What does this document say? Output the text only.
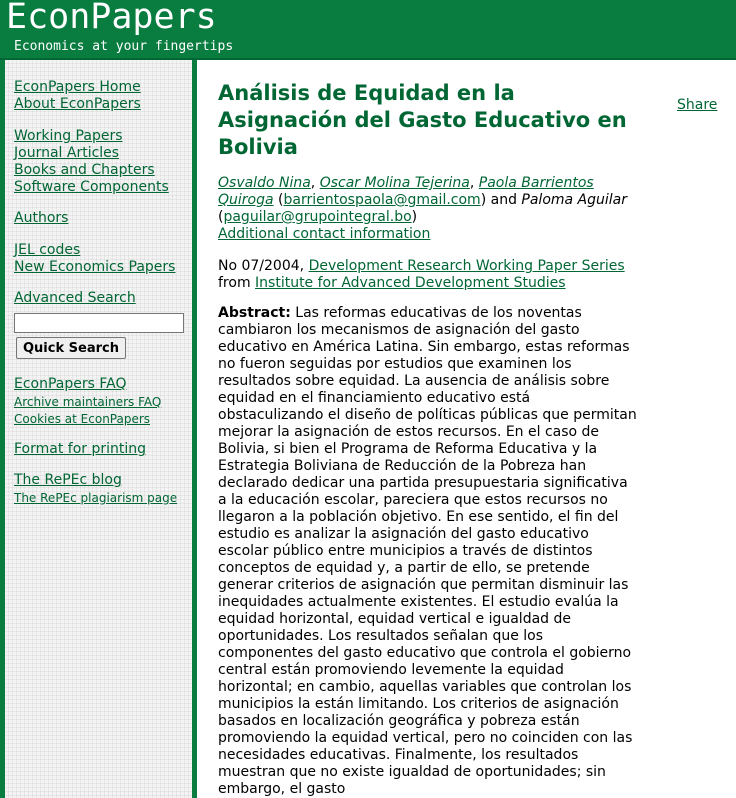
EconPapers
Economics at your fingertips
EconPapers Home
About EconPapers
Working Papers
Journal Articles
Books and Chapters
Software Components
Authors
JEL codes
New Economics Papers
Advanced Search
Quick Search
EconPapers FAQ
Archive maintainers FAQ
Cookies at EconPapers
Format for printing
The RePEc blog
The RePEc plagiarism page
Análisis de Equidad en la Asignación del Gasto Educativo en Bolivia
Share
Osvaldo Nina, Oscar Molina Tejerina, Paola Barrientos Quiroga (barrientospaola@gmail.com) and Paloma Aguilar (paguilar@grupointegral.bo)
Additional contact information
No 07/2004, Development Research Working Paper Series from Institute for Advanced Development Studies
Abstract: Las reformas educativas de los noventas cambiaron los mecanismos de asignación del gasto educativo en América Latina. Sin embargo, estas reformas no fueron seguidas por estudios que examinen los resultados sobre equidad. La ausencia de análisis sobre equidad en el financiamiento educativo está obstaculizando el diseño de políticas públicas que permitan mejorar la asignación de estos recursos. En el caso de Bolivia, si bien el Programa de Reforma Educativa y la Estrategia Boliviana de Reducción de la Pobreza han declarado dedicar una partida presupuestaria significativa a la educación escolar, pareciera que estos recursos no llegaron a la población objetivo. En ese sentido, el fin del estudio es analizar la asignación del gasto educativo escolar público entre municipios a través de distintos conceptos de equidad y, a partir de ello, se pretende generar criterios de asignación que permitan disminuir las inequidades actualmente existentes. El estudio evalúa la equidad horizontal, equidad vertical e igualdad de oportunidades. Los resultados señalan que los componentes del gasto educativo que controla el gobierno central están promoviendo levemente la equidad horizontal; en cambio, aquellas variables que controlan los municipios la están limitando. Los criterios de asignación basados en localización geográfica y pobreza están promoviendo la equidad vertical, pero no coinciden con las necesidades educativas. Finalmente, los resultados muestran que no existe igualdad de oportunidades; sin embargo, el gasto
